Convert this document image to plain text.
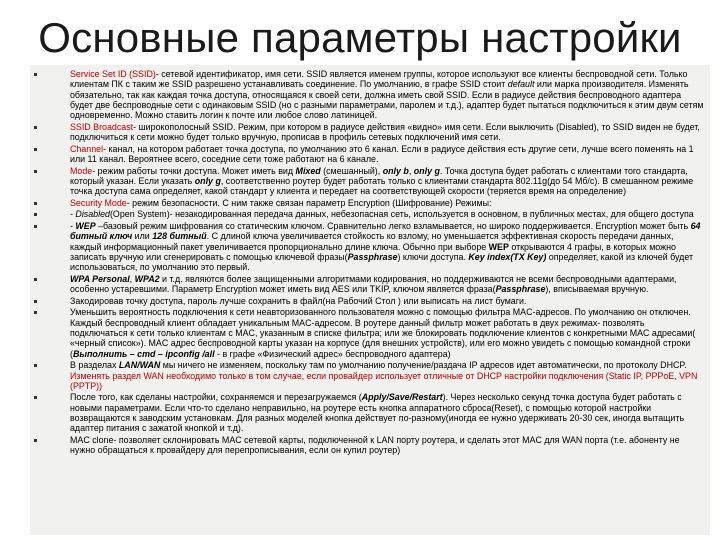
Основные параметры настройки
Service Set ID (SSID)- сетевой идентификатор, имя сети. SSID является именем группы, которое используют все клиенты беспроводной сети. Только клиентам ПК с таким же SSID разрешено устанавливать соединение. По умолчанию, в графе SSID стоит default или марка производителя. Изменять обязательно, так как каждая точка доступа, относящаяся к своей сети, должна иметь свой SSID. Если в радиусе действия беспроводного адаптера будет две беспроводные сети с одинаковым SSID (но с разными параметрами, паролем и т.д.), адаптер будет пытаться подключиться к этим двум сетям одновременно. Можно ставить логин к почте или любое слово латиницей.
SSID Broadcast- широкополосный SSID. Режим, при котором в радиусе действия «видно» имя сети. Если выключить (Disabled), то SSID виден не будет, подключиться к сети можно будет только вручную, прописав в профиль сетевых подключений имя сети.
Channel- канал, на котором работает точка доступа, по умолчанию это 6 канал. Если в радиусе действия есть другие сети, лучше всего поменять на 1 или 11 канал. Вероятнее всего, соседние сети тоже работают на 6 канале.
Mode- режим работы точки доступа. Может иметь вид Mixed (смешанный), only b, only g. Точка доступа будет работать с клиентами того стандарта, который указан. Если указать only g, соответственно роутер будет работать только с клиентами стандарта 802.11g(до 54 Мб/с). В смешанном режиме точка доступа сама определяет, какой стандарт у клиента и передает на соответствующей скорости (теряется время на определение)
Security Mode- режим безопасности. С ним также связан параметр Encryption (Шифрование) Режимы:
- Disabled(Open System)- незакодированная передача данных, небезопасная сеть, используется в основном, в публичных местах, для общего доступа
- WEP –базовый режим шифрования со статическим ключом. Сравнительно легко взламывается, но широко поддерживается. Encryption может быть 64 битный ключ или 128 битный. С длиной ключа увеличивается стойкость ко взлому, но уменьшается эффективная скорость передачи данных, каждый информационный пакет увеличивается пропорционально длине ключа. Обычно при выборе WEP открываются 4 графы, в которых можно записать вручную или сгенерировать с помощью ключевой фразы(Passphrase) ключи доступа. Key index(TX Key) определяет, какой из ключей будет использоваться, по умолчанию это первый.
WPA Personal, WPA2 и т.д. являются более защищенными алгоритмами кодирования, но поддерживаются не всеми беспроводными адаптерами, особенно устаревшими. Параметр Encryption может иметь вид AES или TKIP, ключом является фраза(Passphrase), вписываемая вручную.
Закодировав точку доступа, пароль лучше сохранить в файл(на Рабочий Стол ) или выписать на лист бумаги.
Уменьшить вероятность подключения к сети неавторизованного пользователя можно с помощью фильтра MAC-адресов. По умолчанию он отключен. Каждый беспроводный клиент обладает уникальным MAC-адресом. В роутере данный фильтр может работать в двух режимах- позволять подключаться к сети только клиентам с MAC, указанным в списке фильтра; или же блокировать подключение клиентов с конкретными MAC адресами( «черный список»). MAC адрес беспроводной карты указан на корпусе (для внешних устройств), или его можно увидеть с помощью командной строки (Выполнить – cmd – ipconfig /all - в графе «Физический адрес» беспроводного адаптера)
В разделах LAN/WAN мы ничего не изменяем, поскольку там по умолчанию получение/раздача IP адресов идет автоматически, по протоколу DHCP. Изменять раздел WAN необходимо только в том случае, если провайдер использует отличные от DHCP настройки подключения (Static IP, PPPoE, VPN (PPTP))
После того, как сделаны настройки, сохраняемся и перезагружаемся (Apply/Save/Restart). Через несколько секунд точка доступа будет работать с новыми параметрами. Если что-то сделано неправильно, на роутере есть кнопка аппаратного сброса(Reset), с помощью которой настройки возвращаются к заводским установкам. Для разных моделей кнопка действует по-разному(иногда ее нужно удерживать 20-30 сек, иногда вытащить адаптер питания с зажатой кнопкой и т.д).
MAC clone- позволяет склонировать MAC сетевой карты, подключенной к LAN порту роутера, и сделать этот MAC для WAN порта (т.е. абоненту не нужно обращаться к провайдеру для перепрописывания, если он купил роутер)
